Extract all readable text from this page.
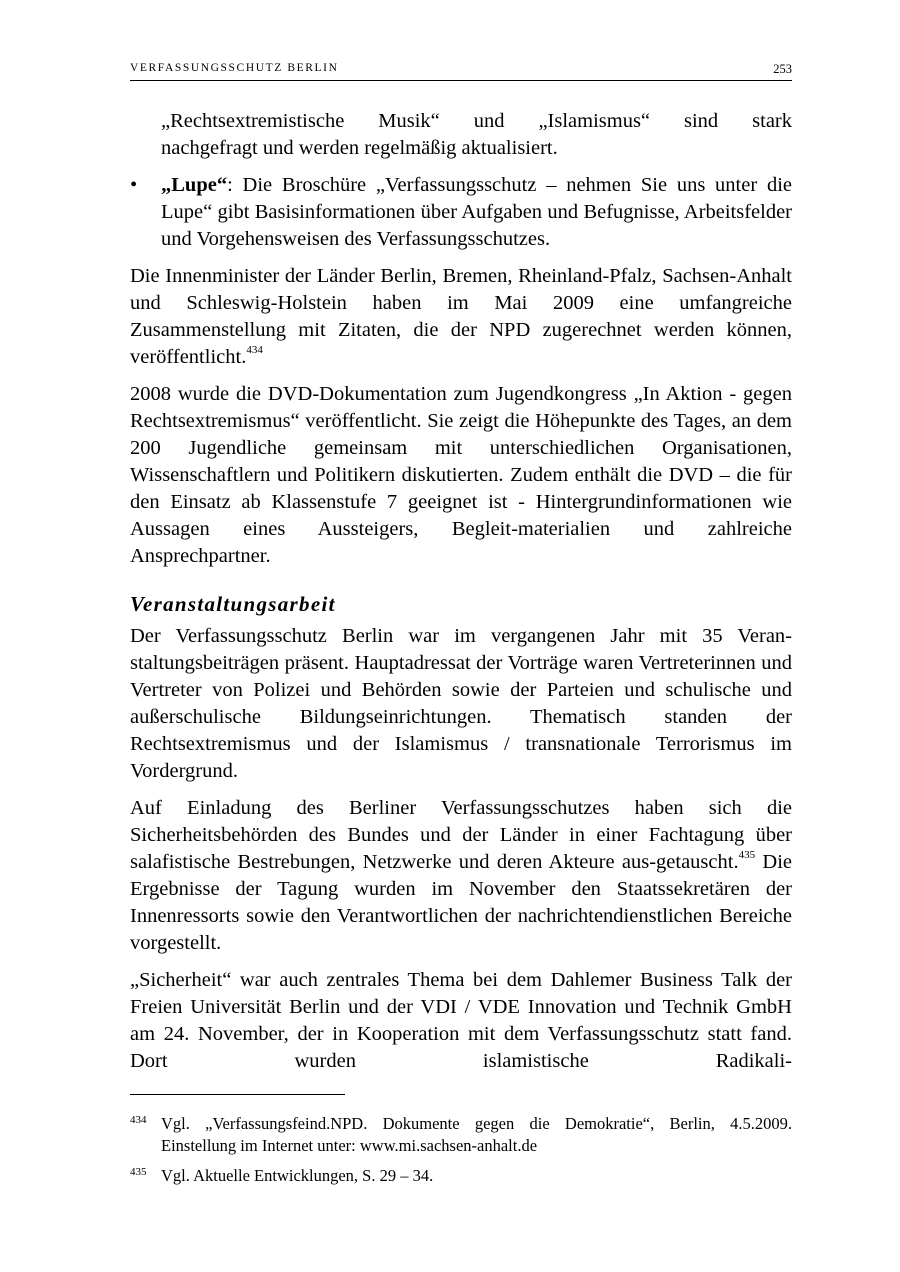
VERFASSUNGSSCHUTZ BERLIN	253
„Rechtsextremistische Musik“ und „Islamismus“ sind stark
nachgefragt und werden regelmäßig aktualisiert.
• „Lupe“: Die Broschüre „Verfassungsschutz – nehmen Sie uns unter die Lupe“ gibt Basisinformationen über Aufgaben und Befugnisse, Arbeitsfelder und Vorgehensweisen des Verfassungsschutzes.

Die Innenminister der Länder Berlin, Bremen, Rheinland-Pfalz, Sachsen-Anhalt und Schleswig-Holstein haben im Mai 2009 eine umfangreiche Zusammenstellung mit Zitaten, die der NPD zugerechnet werden können, veröffentlicht.$^{434}$

2008 wurde die DVD-Dokumentation zum Jugendkongress „In Aktion - gegen Rechtsextremismus“ veröffentlicht. Sie zeigt die Höhepunkte des Tages, an dem 200 Jugendliche gemeinsam mit unterschiedlichen Organisationen, Wissenschaftlern und Politikern diskutierten. Zudem enthält die DVD – die für den Einsatz ab Klassenstufe 7 geeignet ist - Hintergrundinformationen wie Aussagen eines Aussteigers, Begleit-materialien und zahlreiche Ansprechpartner.

Veranstaltungsarbeit

Der Verfassungsschutz Berlin war im vergangenen Jahr mit 35 Veran-staltungsbeiträgen präsent. Hauptadressat der Vorträge waren Vertreterinnen und Vertreter von Polizei und Behörden sowie der Parteien und schulische und außerschulische Bildungseinrichtungen. Thematisch standen der Rechtsextremismus und der Islamismus / transnationale Terrorismus im Vordergrund.

Auf Einladung des Berliner Verfassungsschutzes haben sich die Sicherheitsbehörden des Bundes und der Länder in einer Fachtagung über salafistische Bestrebungen, Netzwerke und deren Akteure aus-getauscht.$^{435}$ Die Ergebnisse der Tagung wurden im November den Staatssekretären der Innenressorts sowie den Verantwortlichen der nachrichtendienstlichen Bereiche vorgestellt.

„Sicherheit“ war auch zentrales Thema bei dem Dahlemer Business Talk der Freien Universität Berlin und der VDI / VDE Innovation und Technik GmbH am 24. November, der in Kooperation mit dem Verfassungsschutz statt fand. Dort wurden islamistische Radikali-

434 Vgl. „Verfassungsfeind.NPD. Dokumente gegen die Demokratie“, Berlin, 4.5.2009. Einstellung im Internet unter: www.mi.sachsen-anhalt.de
435 Vgl. Aktuelle Entwicklungen, S. 29 – 34.
